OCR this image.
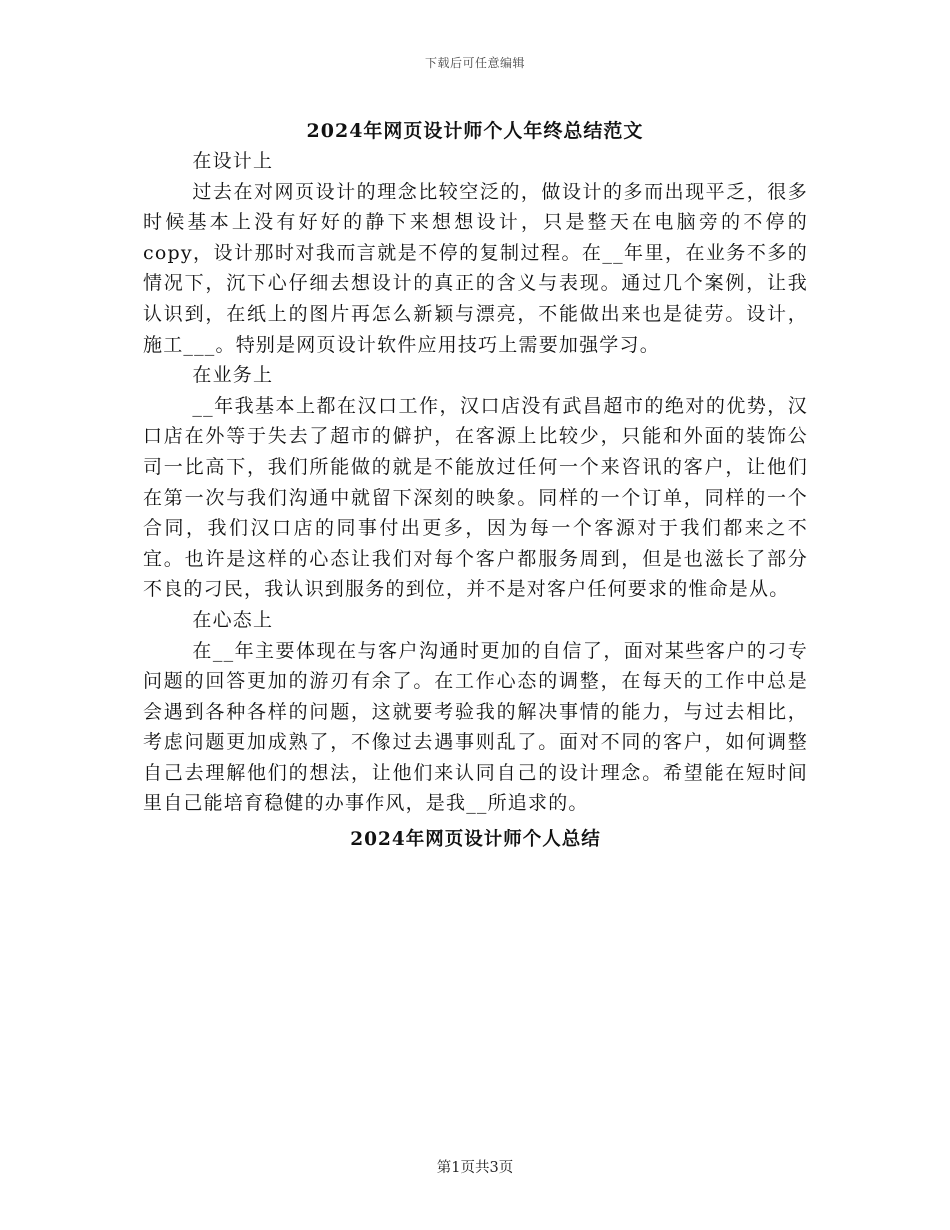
下载后可任意编辑
2024年网页设计师个人年终总结范文

在设计上

过去在对网页设计的理念比较空泛的，做设计的多而出现平乏，很多时候基本上没有好好的静下来想想设计，只是整天在电脑旁的不停的copy，设计那时对我而言就是不停的复制过程。在__年里，在业务不多的情况下，沉下心仔细去想设计的真正的含义与表现。通过几个案例，让我认识到，在纸上的图片再怎么新颖与漂亮，不能做出来也是徒劳。设计，施工___。特别是网页设计软件应用技巧上需要加强学习。

在业务上

__年我基本上都在汉口工作，汉口店没有武昌超市的绝对的优势，汉口店在外等于失去了超市的僻护，在客源上比较少，只能和外面的装饰公司一比高下，我们所能做的就是不能放过任何一个来咨讯的客户，让他们在第一次与我们沟通中就留下深刻的映象。同样的一个订单，同样的一个合同，我们汉口店的同事付出更多，因为每一个客源对于我们都来之不宜。也许是这样的心态让我们对每个客户都服务周到，但是也滋长了部分不良的刁民，我认识到服务的到位，并不是对客户任何要求的惟命是从。

在心态上

在__年主要体现在与客户沟通时更加的自信了，面对某些客户的刁专问题的回答更加的游刃有余了。在工作心态的调整，在每天的工作中总是会遇到各种各样的问题，这就要考验我的解决事情的能力，与过去相比，考虑问题更加成熟了，不像过去遇事则乱了。面对不同的客户，如何调整自己去理解他们的想法，让他们来认同自己的设计理念。希望能在短时间里自己能培育稳健的办事作风，是我__所追求的。

2024年网页设计师个人总结

第1页共3页
